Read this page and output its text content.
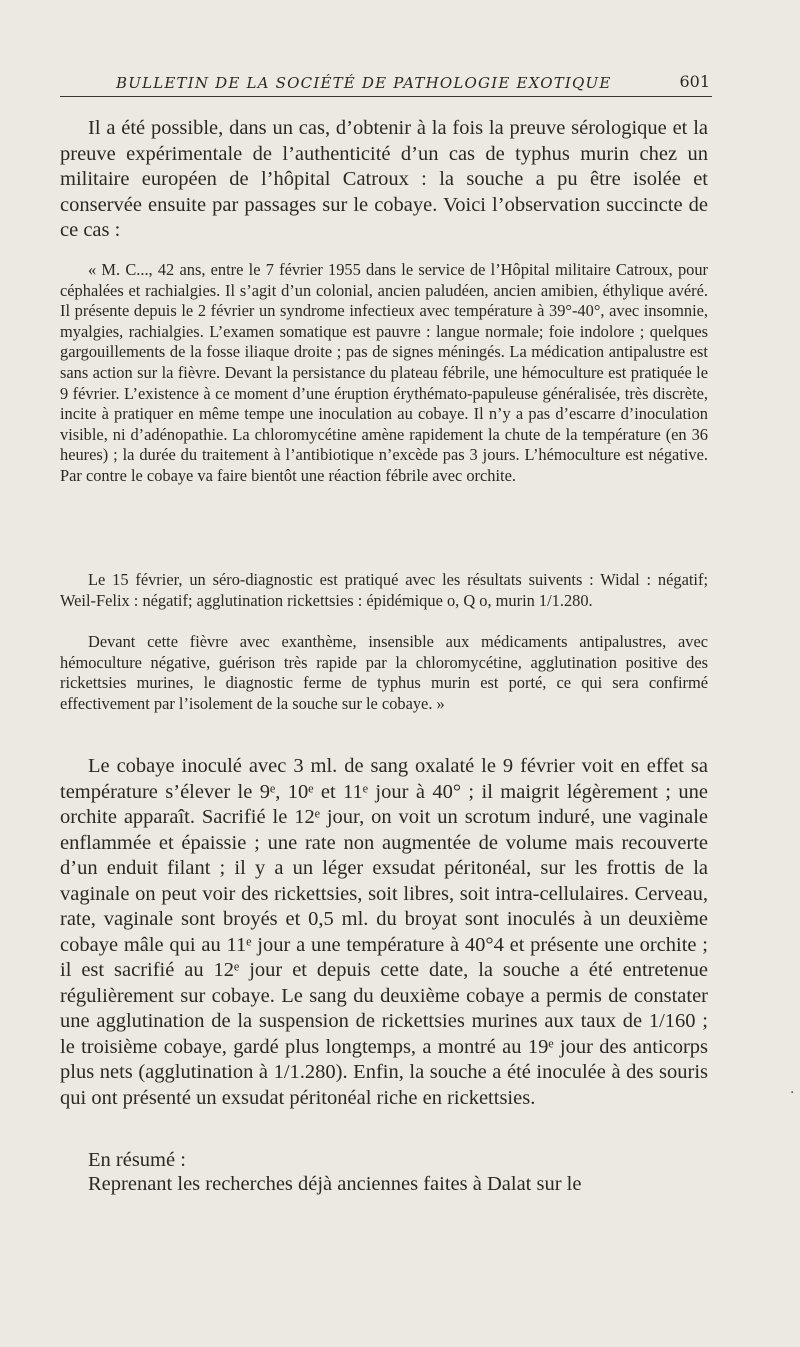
BULLETIN DE LA SOCIÉTÉ DE PATHOLOGIE EXOTIQUE	601

Il a été possible, dans un cas, d’obtenir à la fois la preuve sérologique et la preuve expérimentale de l’authenticité d’un cas de typhus murin chez un militaire européen de l’hôpital Catroux : la souche a pu être isolée et conservée ensuite par passages sur le cobaye. Voici l’observation succincte de ce cas :

« M. C..., 42 ans, entre le 7 février 1955 dans le service de l’Hôpital militaire Catroux, pour céphalées et rachialgies. Il s’agit d’un colonial, ancien paludéen, ancien amibien, éthylique avéré. Il présente depuis le 2 février un syndrome infectieux avec température à 39°-40°, avec insomnie, myalgies, rachialgies. L’examen somatique est pauvre : langue normale; foie indolore ; quelques gargouillements de la fosse iliaque droite ; pas de signes méningés. La médication antipalustre est sans action sur la fièvre. Devant la persistance du plateau fébrile, une hémoculture est pratiquée le 9 février. L’existence à ce moment d’une éruption érythémato-papuleuse généralisée, très discrète, incite à pratiquer en même tempe une inoculation au cobaye. Il n’y a pas d’escarre d’inoculation visible, ni d’adénopathie. La chloromycétine amène rapidement la chute de la température (en 36 heures) ; la durée du traitement à l’antibiotique n’excède pas 3 jours. L’hémoculture est négative. Par contre le cobaye va faire bientôt une réaction fébrile avec orchite.

Le 15 février, un séro-diagnostic est pratiqué avec les résultats suivents : Widal : négatif; Weil-Felix : négatif; agglutination rickettsies : épidémique o, Q o, murin 1/1.280.

Devant cette fièvre avec exanthème, insensible aux médicaments antipalustres, avec hémoculture négative, guérison très rapide par la chloromycétine, agglutination positive des rickettsies murines, le diagnostic ferme de typhus murin est porté, ce qui sera confirmé effectivement par l’isolement de la souche sur le cobaye. »

Le cobaye inoculé avec 3 ml. de sang oxalaté le 9 février voit en effet sa température s’élever le 9ᵉ, 10ᵉ et 11ᵉ jour à 40° ; il maigrit légèrement ; une orchite apparaît. Sacrifié le 12ᵉ jour, on voit un scrotum induré, une vaginale enflammée et épaissie ; une rate non augmentée de volume mais recouverte d’un enduit filant ; il y a un léger exsudat péritonéal, sur les frottis de la vaginale on peut voir des rickettsies, soit libres, soit intra-cellulaires. Cerveau, rate, vaginale sont broyés et 0,5 ml. du broyat sont inoculés à un deuxième cobaye mâle qui au 11ᵉ jour a une température à 40°4 et présente une orchite ; il est sacrifié au 12ᵉ jour et depuis cette date, la souche a été entretenue régulièrement sur cobaye. Le sang du deuxième cobaye a permis de constater une agglutination de la suspension de rickettsies murines aux taux de 1/160 ; le troisième cobaye, gardé plus longtemps, a montré au 19ᵉ jour des anticorps plus nets (agglutination à 1/1.280). Enfin, la souche a été inoculée à des souris qui ont présenté un exsudat péritonéal riche en rickettsies.

En résumé :

Reprenant les recherches déjà anciennes faites à Dalat sur le

·
